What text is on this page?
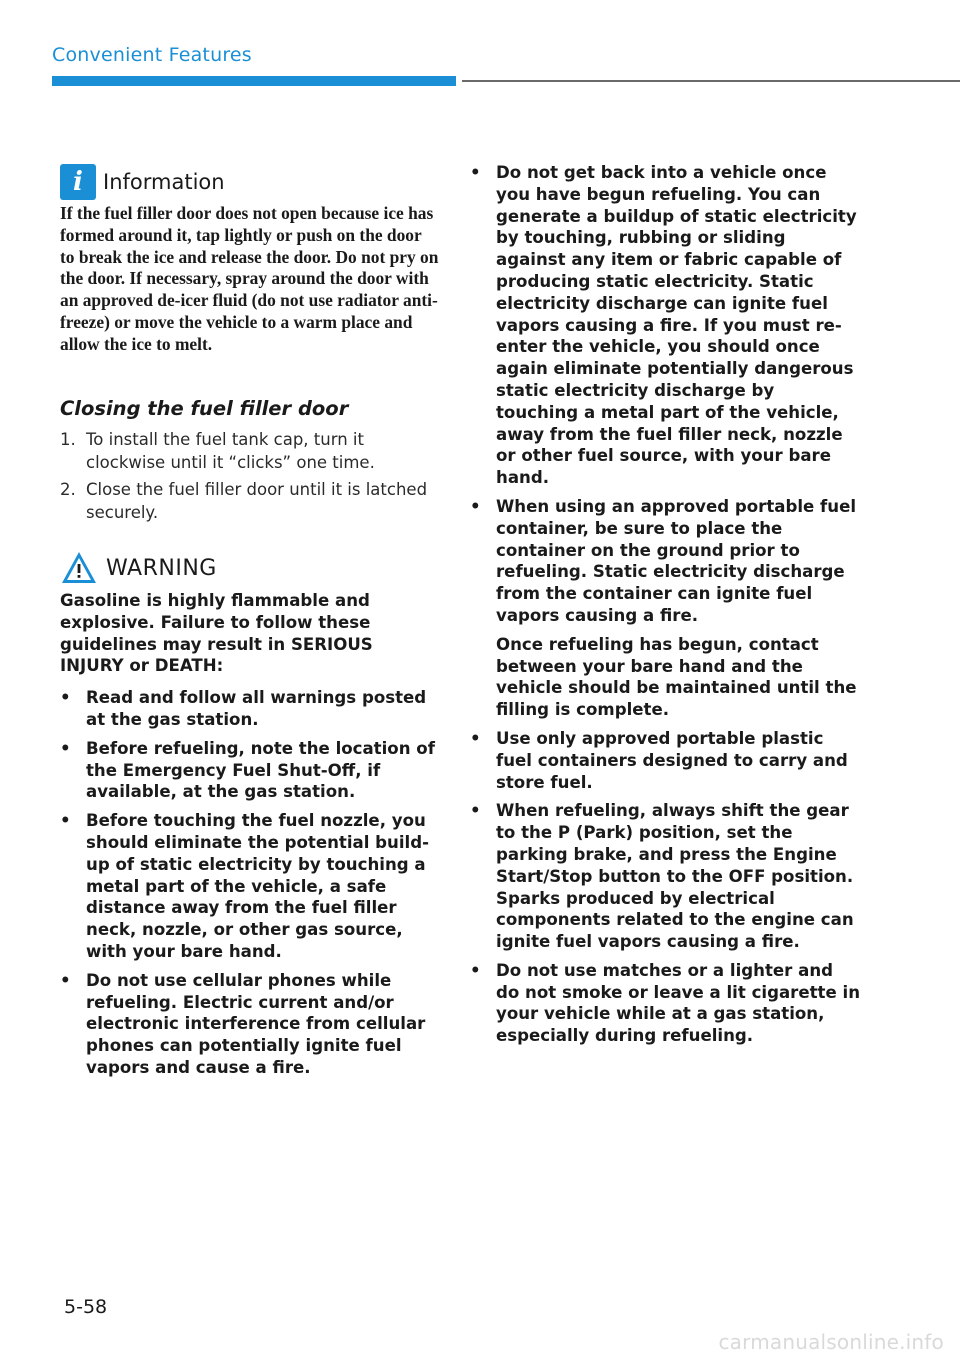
Convenient Features
i Information
If the fuel filler door does not open because ice has formed around it, tap lightly or push on the door to break the ice and release the door. Do not pry on the door. If necessary, spray around the door with an approved de-icer fluid (do not use radiator anti-freeze) or move the vehicle to a warm place and allow the ice to melt.
Closing the fuel filler door
1. To install the fuel tank cap, turn it clockwise until it “clicks” one time.
2. Close the fuel filler door until it is latched securely.
WARNING
Gasoline is highly flammable and explosive. Failure to follow these guidelines may result in SERIOUS INJURY or DEATH:
• Read and follow all warnings posted at the gas station.
• Before refueling, note the location of the Emergency Fuel Shut-Off, if available, at the gas station.
• Before touching the fuel nozzle, you should eliminate the potential build-up of static electricity by touching a metal part of the vehicle, a safe distance away from the fuel filler neck, nozzle, or other gas source, with your bare hand.
• Do not use cellular phones while refueling. Electric current and/or electronic interference from cellular phones can potentially ignite fuel vapors and cause a fire.
• Do not get back into a vehicle once you have begun refueling. You can generate a buildup of static electricity by touching, rubbing or sliding against any item or fabric capable of producing static electricity. Static electricity discharge can ignite fuel vapors causing a fire. If you must re-enter the vehicle, you should once again eliminate potentially dangerous static electricity discharge by touching a metal part of the vehicle, away from the fuel filler neck, nozzle or other fuel source, with your bare hand.
• When using an approved portable fuel container, be sure to place the container on the ground prior to refueling. Static electricity discharge from the container can ignite fuel vapors causing a fire.
Once refueling has begun, contact between your bare hand and the vehicle should be maintained until the filling is complete.
• Use only approved portable plastic fuel containers designed to carry and store fuel.
• When refueling, always shift the gear to the P (Park) position, set the parking brake, and press the Engine Start/Stop button to the OFF position. Sparks produced by electrical components related to the engine can ignite fuel vapors causing a fire.
• Do not use matches or a lighter and do not smoke or leave a lit cigarette in your vehicle while at a gas station, especially during refueling.
5-58
carmanualsonline.info
